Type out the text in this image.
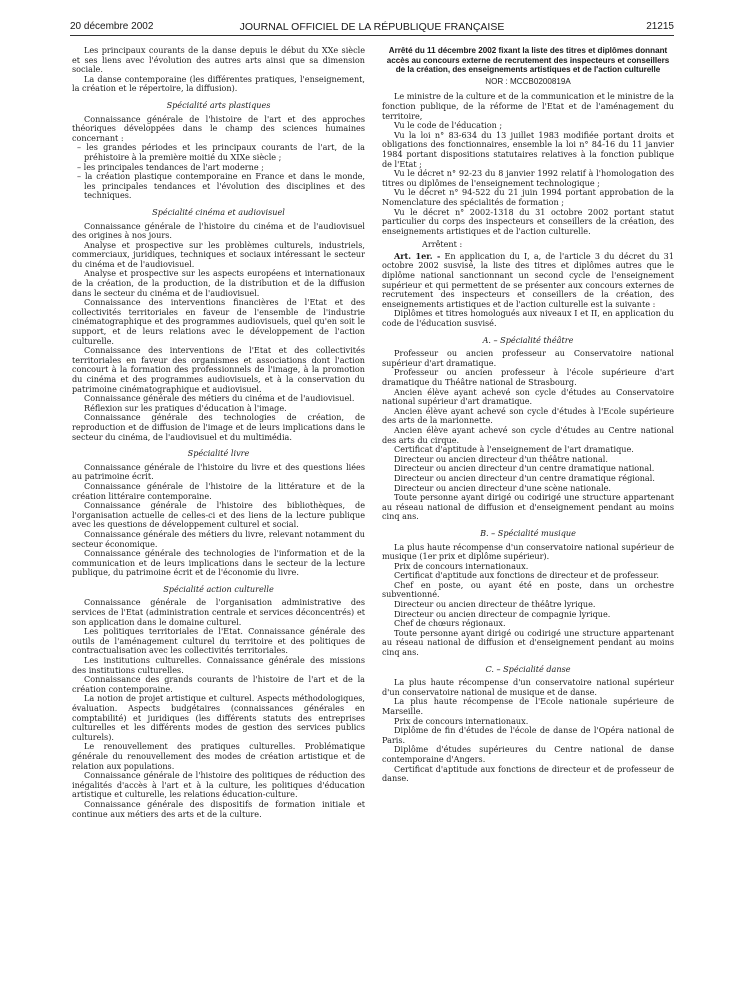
20 décembre 2002	JOURNAL OFFICIEL DE LA RÉPUBLIQUE FRANÇAISE	21215

Les principaux courants de la danse depuis le début du XXe siècle et ses liens avec l'évolution des autres arts ainsi que sa dimension sociale.

La danse contemporaine (les différentes pratiques, l'enseignement, la création et le répertoire, la diffusion).

Spécialité arts plastiques

Connaissance générale de l'histoire de l'art et des approches théoriques développées dans le champ des sciences humaines concernant :

– les grandes périodes et les principaux courants de l'art, de la préhistoire à la première moitié du XIXe siècle ;
– les principales tendances de l'art moderne ;
– la création plastique contemporaine en France et dans le monde, les principales tendances et l'évolution des disciplines et des techniques.

Spécialité cinéma et audiovisuel

Connaissance générale de l'histoire du cinéma et de l'audiovisuel des origines à nos jours.

Analyse et prospective sur les problèmes culturels, industriels, commerciaux, juridiques, techniques et sociaux intéressant le secteur du cinéma et de l'audiovisuel.

Analyse et prospective sur les aspects européens et internationaux de la création, de la production, de la distribution et de la diffusion dans le secteur du cinéma et de l'audiovisuel.

Connaissance des interventions financières de l'Etat et des collectivités territoriales en faveur de l'ensemble de l'industrie cinématographique et des programmes audiovisuels, quel qu'en soit le support, et de leurs relations avec le développement de l'action culturelle.

Connaissance des interventions de l'Etat et des collectivités territoriales en faveur des organismes et associations dont l'action concourt à la formation des professionnels de l'image, à la promotion du cinéma et des programmes audiovisuels, et à la conservation du patrimoine cinématographique et audiovisuel.

Connaissance générale des métiers du cinéma et de l'audiovisuel.

Réflexion sur les pratiques d'éducation à l'image.

Connaissance générale des technologies de création, de reproduction et de diffusion de l'image et de leurs implications dans le secteur du cinéma, de l'audiovisuel et du multimédia.

Spécialité livre

Connaissance générale de l'histoire du livre et des questions liées au patrimoine écrit.

Connaissance générale de l'histoire de la littérature et de la création littéraire contemporaine.

Connaissance générale de l'histoire des bibliothèques, de l'organisation actuelle de celles-ci et des liens de la lecture publique avec les questions de développement culturel et social.

Connaissance générale des métiers du livre, relevant notamment du secteur économique.

Connaissance générale des technologies de l'information et de la communication et de leurs implications dans le secteur de la lecture publique, du patrimoine écrit et de l'économie du livre.

Spécialité action culturelle

Connaissance générale de l'organisation administrative des services de l'Etat (administration centrale et services déconcentrés) et son application dans le domaine culturel.

Les politiques territoriales de l'Etat. Connaissance générale des outils de l'aménagement culturel du territoire et des politiques de contractualisation avec les collectivités territoriales.

Les institutions culturelles. Connaissance générale des missions des institutions culturelles.

Connaissance des grands courants de l'histoire de l'art et de la création contemporaine.

La notion de projet artistique et culturel. Aspects méthodologiques, évaluation. Aspects budgétaires (connaissances générales en comptabilité) et juridiques (les différents statuts des entreprises culturelles et les différents modes de gestion des services publics culturels).

Le renouvellement des pratiques culturelles. Problématique générale du renouvellement des modes de création artistique et de relation aux populations.

Connaissance générale de l'histoire des politiques de réduction des inégalités d'accès à l'art et à la culture, les politiques d'éducation artistique et culturelle, les relations éducation-culture.

Connaissance générale des dispositifs de formation initiale et continue aux métiers des arts et de la culture.

Arrêté du 11 décembre 2002 fixant la liste des titres et diplômes donnant accès au concours externe de recrutement des inspecteurs et conseillers de la création, des enseignements artistiques et de l'action culturelle

NOR : MCCB0200819A

Le ministre de la culture et de la communication et le ministre de la fonction publique, de la réforme de l'Etat et de l'aménagement du territoire,

Vu le code de l'éducation ;

Vu la loi n° 83-634 du 13 juillet 1983 modifiée portant droits et obligations des fonctionnaires, ensemble la loi n° 84-16 du 11 janvier 1984 portant dispositions statutaires relatives à la fonction publique de l'Etat ;

Vu le décret n° 92-23 du 8 janvier 1992 relatif à l'homologation des titres ou diplômes de l'enseignement technologique ;

Vu le décret n° 94-522 du 21 juin 1994 portant approbation de la Nomenclature des spécialités de formation ;

Vu le décret n° 2002-1318 du 31 octobre 2002 portant statut particulier du corps des inspecteurs et conseillers de la création, des enseignements artistiques et de l'action culturelle.

Arrêtent :

Art. 1er. - En application du I, a, de l'article 3 du décret du 31 octobre 2002 susvisé, la liste des titres et diplômes autres que le diplôme national sanctionnant un second cycle de l'enseignement supérieur et qui permettent de se présenter aux concours externes de recrutement des inspecteurs et conseillers de la création, des enseignements artistiques et de l'action culturelle est la suivante :

Diplômes et titres homologués aux niveaux I et II, en application du code de l'éducation susvisé.

A. – Spécialité théâtre

Professeur ou ancien professeur au Conservatoire national supérieur d'art dramatique.

Professeur ou ancien professeur à l'école supérieure d'art dramatique du Théâtre national de Strasbourg.

Ancien élève ayant achevé son cycle d'études au Conservatoire national supérieur d'art dramatique.

Ancien élève ayant achevé son cycle d'études à l'Ecole supérieure des arts de la marionnette.

Ancien élève ayant achevé son cycle d'études au Centre national des arts du cirque.

Certificat d'aptitude à l'enseignement de l'art dramatique.

Directeur ou ancien directeur d'un théâtre national.

Directeur ou ancien directeur d'un centre dramatique national.

Directeur ou ancien directeur d'un centre dramatique régional.

Directeur ou ancien directeur d'une scène nationale.

Toute personne ayant dirigé ou codirigé une structure appartenant au réseau national de diffusion et d'enseignement pendant au moins cinq ans.

B. – Spécialité musique

La plus haute récompense d'un conservatoire national supérieur de musique (1er prix et diplôme supérieur).

Prix de concours internationaux.

Certificat d'aptitude aux fonctions de directeur et de professeur.

Chef en poste, ou ayant été en poste, dans un orchestre subventionné.

Directeur ou ancien directeur de théâtre lyrique.

Directeur ou ancien directeur de compagnie lyrique.

Chef de chœurs régionaux.

Toute personne ayant dirigé ou codirigé une structure appartenant au réseau national de diffusion et d'enseignement pendant au moins cinq ans.

C. – Spécialité danse

La plus haute récompense d'un conservatoire national supérieur d'un conservatoire national de musique et de danse.

La plus haute récompense de l'Ecole nationale supérieure de Marseille.

Prix de concours internationaux.

Diplôme de fin d'études de l'école de danse de l'Opéra national de Paris.

Diplôme d'études supérieures du Centre national de danse contemporaine d'Angers.

Certificat d'aptitude aux fonctions de directeur et de professeur de danse.
